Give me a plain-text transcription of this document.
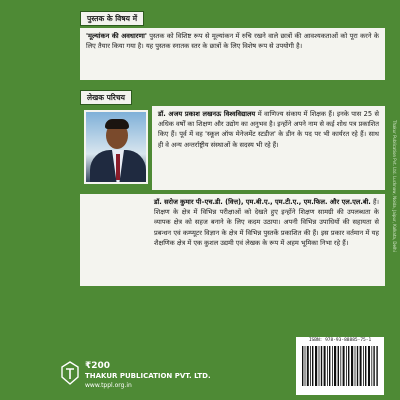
पुस्तक के विषय में
'मूल्यांकन की अवधारणा' पुस्तक को विशिष्ट रूप से मूल्यांकन में रुचि रखने वाले छात्रों की आवश्यकताओं को पूरा करने के लिए तैयार किया गया है। यह पुस्तक स्नातक स्तर के छात्रों के लिए विशेष रूप से उपयोगी है।
लेखक परिचय
डॉ. अजय प्रकाश लखनऊ विश्वविद्यालय में वाणिज्य संकाय में शिक्षक हैं। इनके पास 25 से अधिक वर्षों का शिक्षण और उद्योग का अनुभव है। इन्होंने अपने नाम से कई शोध पत्र प्रकाशित किए हैं। पूर्व में वह 'स्कूल ऑफ मेनेजमेंट स्टडीज' के डीन के पद पर भी कार्यरत रहे हैं। साथ ही वे अन्य अन्तर्राष्ट्रीय संस्थाओं के सदस्य भी रहे हैं।
डॉ. सरोज कुमार पी–एच.डी. (वित्त), एम.बी.ए., एम.टी.ए., एम.फिल. और एल.एल.बी. हैं। शिक्षण के क्षेत्र में विभिन्न परीक्षाओं को देखते हुए इन्होंने शिक्षण सामग्री की उपलब्धता के व्यापक क्षेत्र को सहज बनाने के लिए कदम उठाया। अपनी विभिन्न उपाधियों की सहायता से प्रबन्धन एवं कम्प्यूटर विज्ञान के क्षेत्र में विभिन्न पुस्तकें प्रकाशित की हैं। इस प्रकार वर्तमान में यह शैक्षणिक क्षेत्र में एक कुशल उद्यमी एवं लेखक के रूप में अहम भूमिका निभा रहे हैं।
₹200
THAKUR PUBLICATION PVT. LTD.
www.tppl.org.in
ISBN: 978-93-88885-75-1
Thakur Publication Pvt. Ltd. Lucknow, Noida, Jaipur, Kolkata, Delhi
